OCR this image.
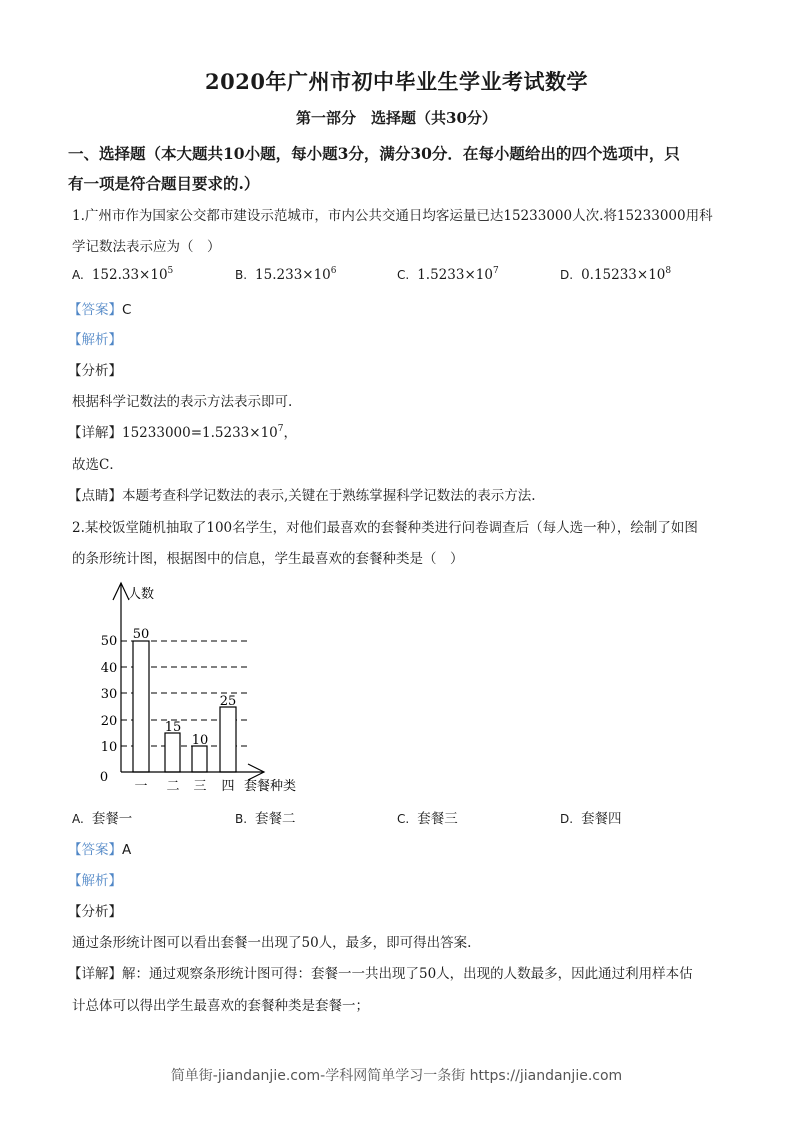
2020年广州市初中毕业生学业考试数学
第一部分　选择题（共30分）
一、选择题（本大题共10小题，每小题3分，满分30分．在每小题给出的四个选项中，只
有一项是符合题目要求的.）
1.广州市作为国家公交都市建设示范城市，市内公共交通日均客运量已达15233000人次.将15233000用科
学记数法表示应为（　）
A. $152.33\times 10^5$	B. $15.233\times 10^6$	C. $1.5233\times 10^7$	D. $0.15233\times 10^8$
【答案】C
【解析】
【分析】
根据科学记数法的表示方法表示即可.
【详解】$15233000=1.5233\times 10^7$，
故选C．
【点睛】本题考查科学记数法的表示,关键在于熟练掌握科学记数法的表示方法.
2.某校饭堂随机抽取了100名学生，对他们最喜欢的套餐种类进行问卷调查后（每人选一种），绘制了如图
的条形统计图，根据图中的信息，学生最喜欢的套餐种类是（　）
人数
0
10
20
30
40
50 50
15
10
25
一 二 三 四 套餐种类
A. 套餐一	B. 套餐二	C. 套餐三	D. 套餐四
【答案】A
【解析】
【分析】
通过条形统计图可以看出套餐一出现了50人，最多，即可得出答案.
【详解】解：通过观察条形统计图可得：套餐一一共出现了50人，出现的人数最多，因此通过利用样本估
计总体可以得出学生最喜欢的套餐种类是套餐一；
简单街-jiandanjie.com-学科网简单学习一条街 https://jiandanjie.com
